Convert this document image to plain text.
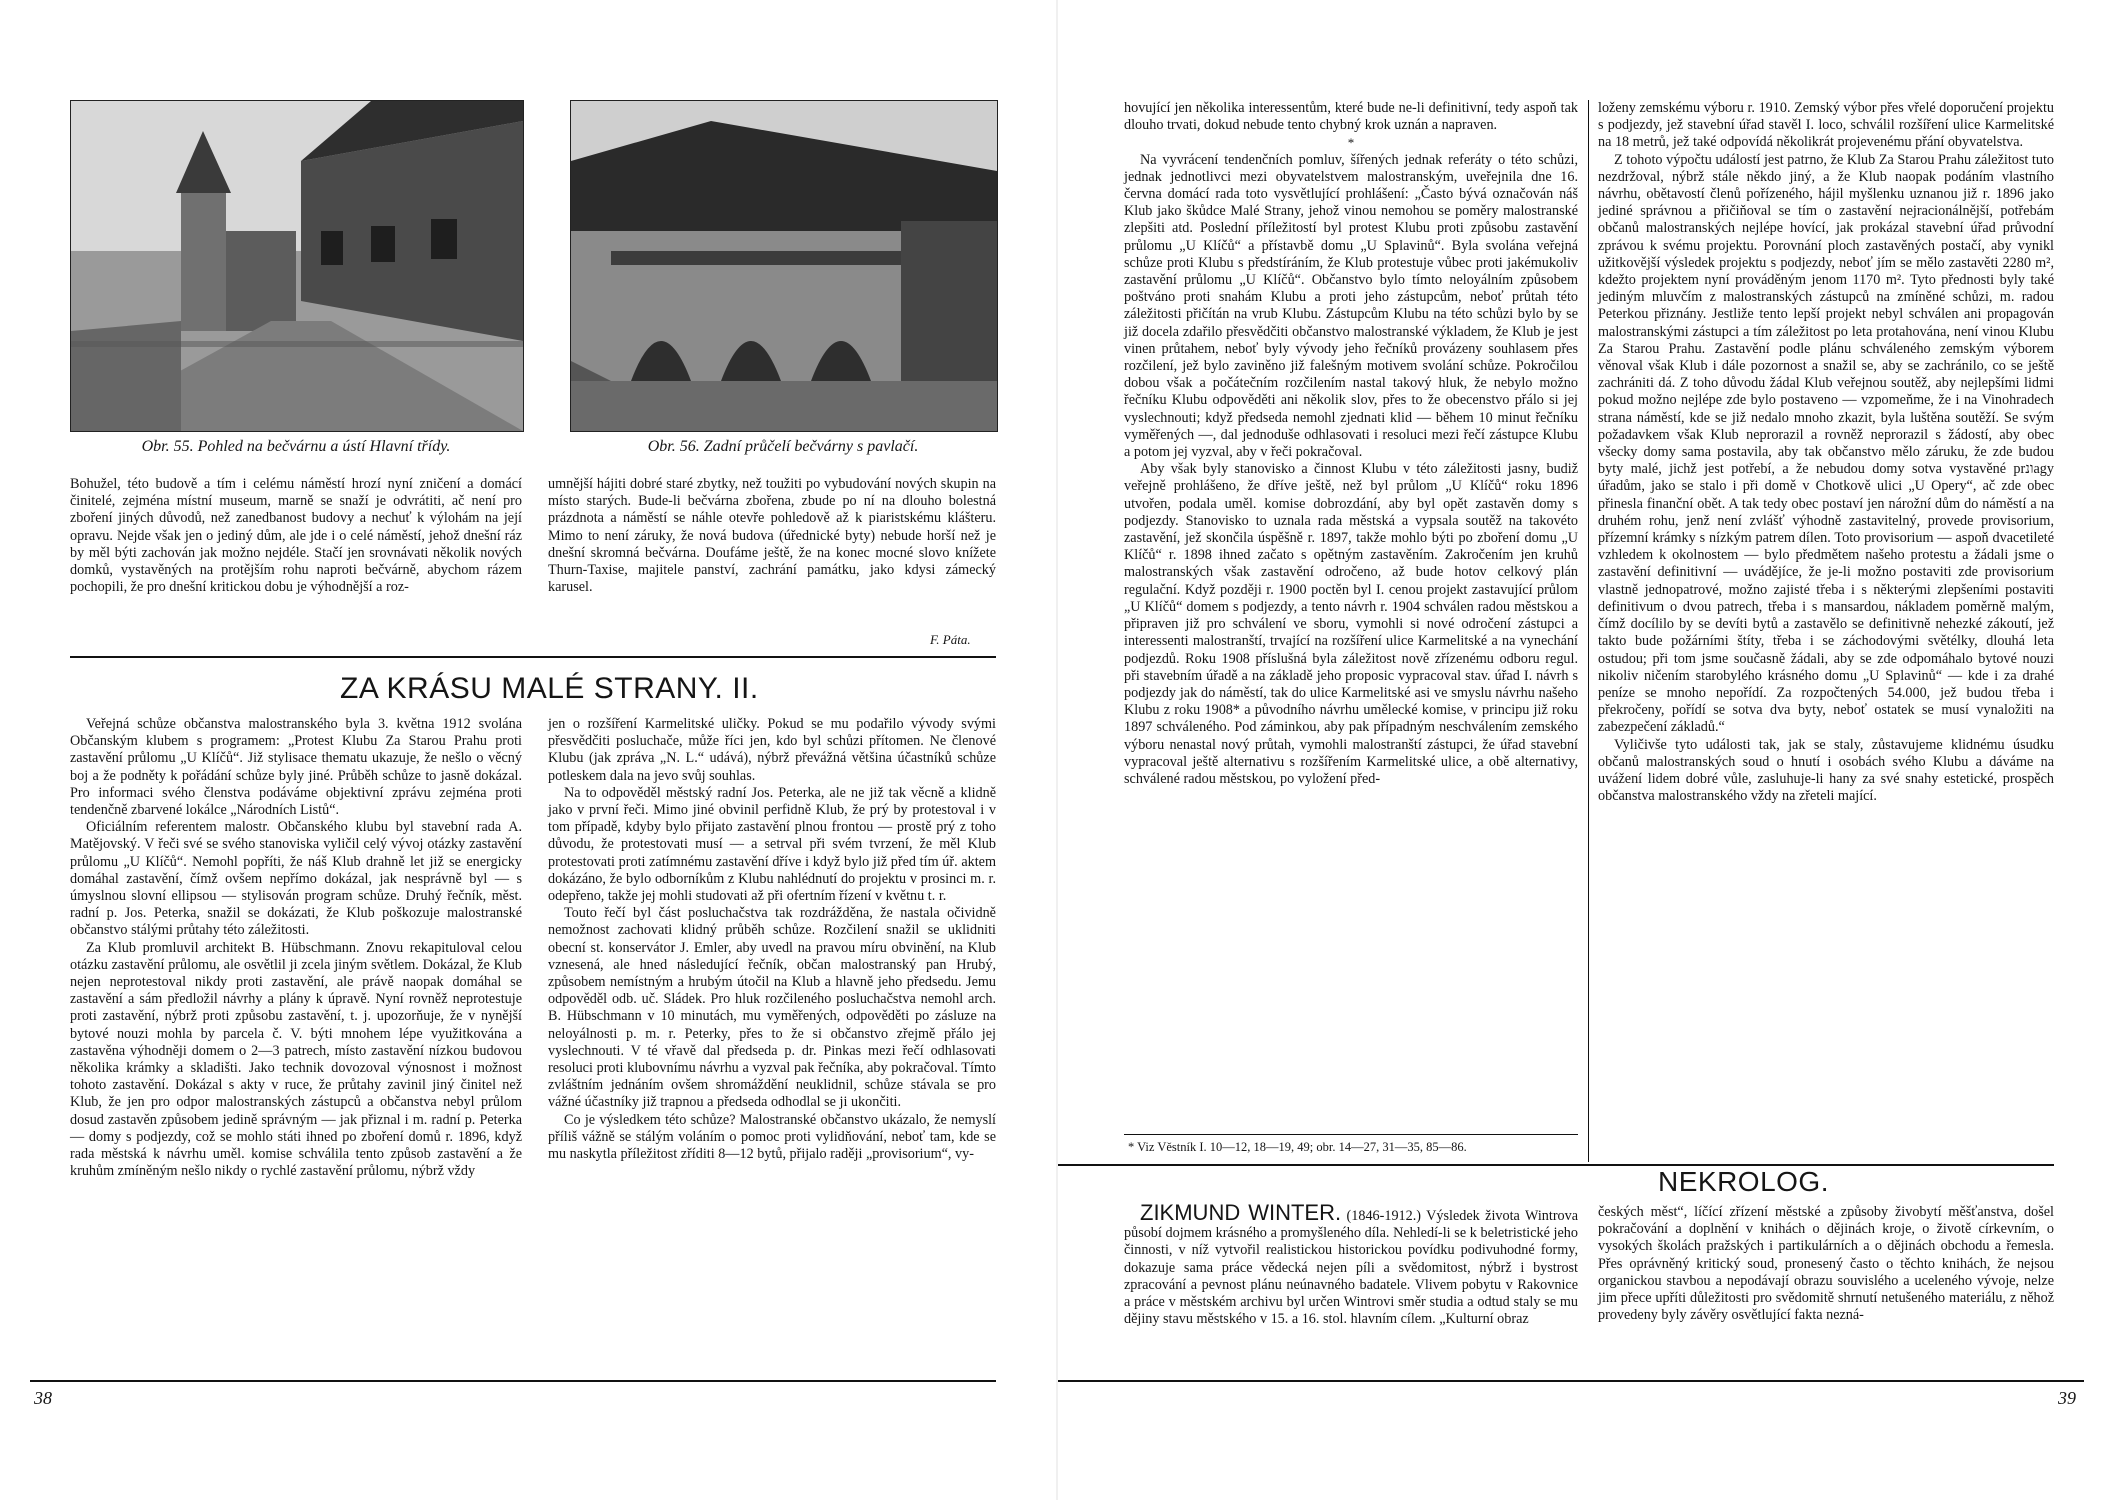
Obr. 55. Pohled na bečvárnu a ústí Hlavní třídy.	Obr. 56. Zadní průčelí bečvárny s pavlačí.

Bohužel, této budově a tím i celému náměstí hrozí nyní zničení a domácí činitelé, zejména místní museum, marně se snaží je odvrátiti, ač není pro zboření jiných důvodů, než zanedbanost budovy a nechuť k výlohám na její opravu. Nejde však jen o jediný dům, ale jde i o celé náměstí, jehož dnešní ráz by měl býti zachován jak možno nejdéle. Stačí jen srovnávati několik nových domků, vystavěných na protějším rohu naproti bečvárně, abychom rázem pochopili, že pro dnešní kritickou dobu je výhodnější a roz-

umnější hájiti dobré staré zbytky, než toužiti po vybudování nových skupin na místo starých. Bude-li bečvárna zbořena, zbude po ní na dlouho bolestná prázdnota a náměstí se náhle otevře pohledově až k piaristskému klášteru. Mimo to není záruky, že nová budova (úřednické byty) nebude horší než je dnešní skromná bečvárna. Doufáme ještě, že na konec mocné slovo knížete Thurn-Taxise, majitele panství, zachrání památku, jako kdysi zámecký karusel.

F. Páta.
ZA KRÁSU MALÉ STRANY. II.

Veřejná schůze občanstva malostranského byla 3. května 1912 svolána Občanským klubem s programem: „Protest Klubu Za Starou Prahu proti zastavění průlomu „U Klíčů“. Již stylisace thematu ukazuje, že nešlo o věcný boj a že podněty k pořádání schůze byly jiné. Průběh schůze to jasně dokázal. Pro informaci svého členstva podáváme objektivní zprávu zejména proti tendenčně zbarvené lokálce „Národních Listů“.

Oficiálním referentem malostr. Občanského klubu byl stavební rada A. Matějovský. V řeči své se svého stanoviska vyličil celý vývoj otázky zastavění průlomu „U Klíčů“. Nemohl popříti, že náš Klub drahně let již se energicky domáhal zastavění, čímž ovšem nepřímo dokázal, jak nesprávně byl — s úmyslnou slovní ellipsou — stylisován program schůze. Druhý řečník, měst. radní p. Jos. Peterka, snažil se dokázati, že Klub poškozuje malostranské občanstvo stálými průtahy této záležitosti.

Za Klub promluvil architekt B. Hübschmann. Znovu rekapituloval celou otázku zastavění průlomu, ale osvětlil ji zcela jiným světlem. Dokázal, že Klub nejen neprotestoval nikdy proti zastavění, ale právě naopak domáhal se zastavění a sám předložil návrhy a plány k úpravě. Nyní rovněž neprotestuje proti zastavění, nýbrž proti způsobu zastavění, t. j. upozorňuje, že v nynější bytové nouzi mohla by parcela č. V. býti mnohem lépe využitkována a zastavěna výhodněji domem o 2—3 patrech, místo zastavění nízkou budovou několika krámky a skladišti. Jako technik dovozoval výnosnost i možnost tohoto zastavění. Dokázal s akty v ruce, že průtahy zavinil jiný činitel než Klub, že jen pro odpor malostranských zástupců a občanstva nebyl průlom dosud zastavěn způsobem jedině správným — jak přiznal i m. radní p. Peterka — domy s podjezdy, což se mohlo státi ihned po zboření domů r. 1896, když rada městská k návrhu uměl. komise schválila tento způsob zastavění a že kruhům zmíněným nešlo nikdy o rychlé zastavění průlomu, nýbrž vždy

jen o rozšíření Karmelitské uličky. Pokud se mu podařilo vývody svými přesvědčiti posluchače, může říci jen, kdo byl schůzi přítomen. Ne členové Klubu (jak zpráva „N. L.“ udává), nýbrž převážná většina účastníků schůze potleskem dala na jevo svůj souhlas.

Na to odpověděl městský radní Jos. Peterka, ale ne již tak věcně a klidně jako v první řeči. Mimo jiné obvinil perfidně Klub, že prý by protestoval i v tom případě, kdyby bylo přijato zastavění plnou frontou — prostě prý z toho důvodu, že protestovati musí — a setrval při svém tvrzení, že měl Klub protestovati proti zatímnému zastavění dříve i když bylo již před tím úř. aktem dokázáno, že bylo odborníkům z Klubu nahlédnutí do projektu v prosinci m. r. odepřeno, takže jej mohli studovati až při ofertním řízení v květnu t. r.

Touto řečí byl část posluchačstva tak rozdrážděna, že nastala očividně nemožnost zachovati klidný průběh schůze. Rozčilení snažil se uklidniti obecní st. konservátor J. Emler, aby uvedl na pravou míru obvinění, na Klub vznesená, ale hned následující řečník, občan malostranský pan Hrubý, způsobem nemístným a hrubým útočil na Klub a hlavně jeho předsedu. Jemu odpověděl odb. uč. Sládek. Pro hluk rozčileného posluchačstva nemohl arch. B. Hübschmann v 10 minutách, mu vyměřených, odpověděti po zásluze na neloyálnosti p. m. r. Peterky, přes to že si občanstvo zřejmě přálo jej vyslechnouti. V té vřavě dal předseda p. dr. Pinkas mezi řečí odhlasovati resoluci proti klubovnímu návrhu a vyzval pak řečníka, aby pokračoval. Tímto zvláštním jednáním ovšem shromáždění neuklidnil, schůze stávala se pro vážné účastníky již trapnou a předseda odhodlal se ji ukončiti.

Co je výsledkem této schůze? Malostranské občanstvo ukázalo, že nemyslí příliš vážně se stálým voláním o pomoc proti vylidňování, neboť tam, kde se mu naskytla příležitost zříditi 8—12 bytů, přijalo raději „provisorium“, vy-

38

hovující jen několika interessentům, které bude ne-li definitivní, tedy aspoň tak dlouho trvati, dokud nebude tento chybný krok uznán a napraven.

*

Na vyvrácení tendenčních pomluv, šířených jednak referáty o této schůzi, jednak jednotlivci mezi obyvatelstvem malostranským, uveřejnila dne 16. června domácí rada toto vysvětlující prohlášení: „Často bývá označován náš Klub jako škůdce Malé Strany, jehož vinou nemohou se poměry malostranské zlepšiti atd. Poslední příležitostí byl protest Klubu proti způsobu zastavění průlomu „U Klíčů“ a přístavbě domu „U Splavinů“. Byla svolána veřejná schůze proti Klubu s předstíráním, že Klub protestuje vůbec proti jakémukoliv zastavění průlomu „U Klíčů“. Občanstvo bylo tímto neloyálním způsobem poštváno proti snahám Klubu a proti jeho zástupcům, neboť průtah této záležitosti přičítán na vrub Klubu. Zástupcům Klubu na této schůzi bylo by se již docela zdařilo přesvědčiti občanstvo malostranské výkladem, že Klub je jest vinen průtahem, neboť byly vývody jeho řečníků provázeny souhlasem přes rozčilení, jež bylo zaviněno již falešným motivem svolání schůze. Pokročilou dobou však a počátečním rozčilením nastal takový hluk, že nebylo možno řečníku Klubu odpověděti ani několik slov, přes to že obecenstvo přálo si jej vyslechnouti; když předseda nemohl zjednati klid — během 10 minut řečníku vyměřených —, dal jednoduše odhlasovati i resoluci mezi řečí zástupce Klubu a potom jej vyzval, aby v řeči pokračoval.

Aby však byly stanovisko a činnost Klubu v této záležitosti jasny, budiž veřejně prohlášeno, že dříve ještě, než byl průlom „U Klíčů“ roku 1896 utvořen, podala uměl. komise dobrozdání, aby byl opět zastavěn domy s podjezdy. Stanovisko to uznala rada městská a vypsala soutěž na takovéto zastavění, jež skončila úspěšně r. 1897, takže mohlo býti po zboření domu „U Klíčů“ r. 1898 ihned začato s opětným zastavěním. Zakročením jen kruhů malostranských však zastavění odročeno, až bude hotov celkový plán regulační. Když později r. 1900 poctěn byl I. cenou projekt zastavující průlom „U Klíčů“ domem s podjezdy, a tento návrh r. 1904 schválen radou městskou a připraven již pro schválení ve sboru, vymohli si nové odročení zástupci a interessenti malostranští, trvající na rozšíření ulice Karmelitské a na vynechání podjezdů. Roku 1908 příslušná byla záležitost nově zřízenému odboru regul. při stavebním úřadě a na základě jeho proposic vypracoval stav. úřad I. návrh s podjezdy jak do náměstí, tak do ulice Karmelitské asi ve smyslu návrhu našeho Klubu z roku 1908* a původního návrhu umělecké komise, v principu již roku 1897 schváleného. Pod záminkou, aby pak případným neschválením zemského výboru nenastal nový průtah, vymohli malostranští zástupci, že úřad stavební vypracoval ještě alternativu s rozšířením Karmelitské ulice, a obě alternativy, schválené radou městskou, po vyložení před-

loženy zemskému výboru r. 1910. Zemský výbor přes vřelé doporučení projektu s podjezdy, jež stavební úřad stavěl I. loco, schválil rozšíření ulice Karmelitské na 18 metrů, jež také odpovídá několikrát projevenému přání obyvatelstva.

Z tohoto výpočtu událostí jest patrno, že Klub Za Starou Prahu záležitost tuto nezdržoval, nýbrž stále někdo jiný, a že Klub naopak podáním vlastního návrhu, obětavostí členů pořízeného, hájil myšlenku uznanou již r. 1896 jako jediné správnou a přičiňoval se tím o zastavění nejracionálnější, potřebám občanů malostranských nejlépe hovící, jak prokázal stavební úřad průvodní zprávou k svému projektu. Porovnání ploch zastavěných postačí, aby vynikl užitkovější výsledek projektu s podjezdy, neboť jím se mělo zastavěti 2280 m², kdežto projektem nyní prováděným jenom 1170 m². Tyto přednosti byly také jediným mluvčím z malostranských zástupců na zmíněné schůzi, m. radou Peterkou přiznány. Jestliže tento lepší projekt nebyl schválen ani propagován malostranskými zástupci a tím záležitost po leta protahována, není vinou Klubu Za Starou Prahu. Zastavění podle plánu schváleného zemským výborem věnoval však Klub i dále pozornost a snažil se, aby se zachránilo, co se ještě zachrániti dá. Z toho důvodu žádal Klub veřejnou soutěž, aby nejlepšími lidmi pokud možno nejlépe zde bylo postaveno — vzpomeňme, že i na Vinohradech strana náměstí, kde se již nedalo mnoho zkazit, byla luštěna soutěží. Se svým požadavkem však Klub neprorazil a rovněž neprorazil s žádostí, aby obec všecky domy sama postavila, aby tak občanstvo mělo záruku, že zde budou byty malé, jichž jest potřebí, a že nebudou domy sotva vystavěné prונagy úřadům, jako se stalo i při domě v Chotkově ulici „U Opery“, ač zde obec přinesla finanční obět. A tak tedy obec postaví jen nárožní dům do náměstí a na druhém rohu, jenž není zvlášť výhodně zastavitelný, provede provisorium, přízemní krámky s nízkým patrem dílen. Toto provisorium — aspoň dvacetileté vzhledem k okolnostem — bylo předmětem našeho protestu a žádali jsme o zastavění definitivní — uvádějíce, že je-li možno postaviti zde provisorium vlastně jednopatrové, možno zajisté třeba i s některými zlepšeními postaviti definitivum o dvou patrech, třeba i s mansardou, nákladem poměrně malým, čímž docílilo by se devíti bytů a zastavělo se definitivně nehezké zákoutí, jež takto bude požárními štíty, třeba i se záchodovými světélky, dlouhá leta ostudou; při tom jsme současně žádali, aby se zde odpomáhalo bytové nouzi nikoliv ničením starobylého krásného domu „U Splavinů“ — kde i za drahé peníze se mnoho nepořídí. Za rozpočtených 54.000, jež budou třeba i překročeny, pořídí se sotva dva byty, neboť ostatek se musí vynaložiti na zabezpečení základů.“

Vyličivše tyto události tak, jak se staly, zůstavujeme klidnému úsudku občanů malostranských soud o hnutí i osobách svého Klubu a dáváme na uvážení lidem dobré vůle, zasluhuje-li hany za své snahy estetické, prospěch občanstva malostranského vždy na zřeteli mající.

* Viz Věstník I. 10—12, 18—19, 49; obr. 14—27, 31—35, 85—86.
NEKROLOG.

ZIKMUND WINTER. (1846-1912.) Výsledek života Wintrova působí dojmem krásného a promyšleného díla. Nehledí-li se k beletristické jeho činnosti, v níž vytvořil realistickou historickou povídku podivuhodné formy, dokazuje sama práce vědecká nejen píli a svědomitost, nýbrž i bystrost zpracování a pevnost plánu neúnavného badatele. Vlivem pobytu v Rakovnice a práce v městském archivu byl určen Wintrovi směr studia a odtud staly se mu dějiny stavu městského v 15. a 16. stol. hlavním cílem. „Kulturní obraz

českých měst“, líčící zřízení městské a způsoby živobytí měšťanstva, došel pokračování a doplnění v knihách o dějinách kroje, o životě církevním, o vysokých školách pražských i partikulárních a o dějinách obchodu a řemesla. Přes oprávněný kritický soud, pronesený často o těchto knihách, že nejsou organickou stavbou a nepodávají obrazu souvislého a uceleného vývoje, nelze jim přece upříti důležitosti pro svědomitě shrnutí netušeného materiálu, z něhož provedeny byly závěry osvětlující fakta nezná-

39
